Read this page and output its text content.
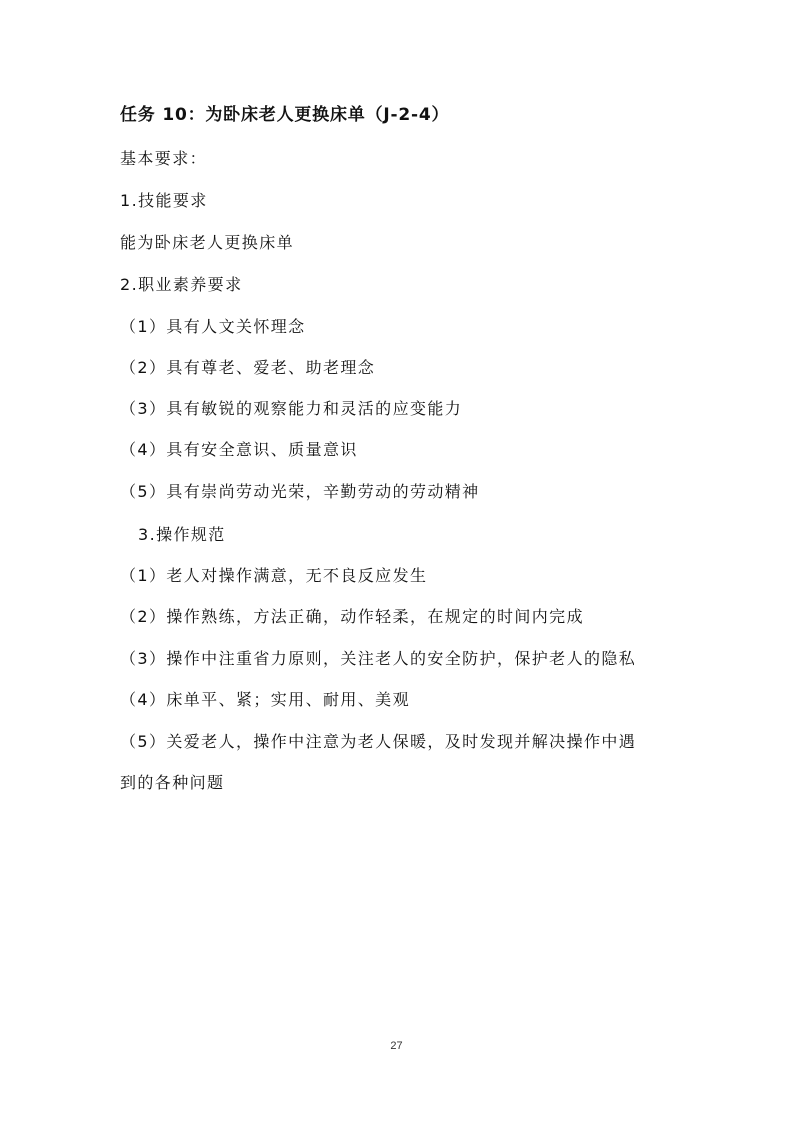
任务 10：为卧床老人更换床单（J-2-4）
基本要求：
1.技能要求
能为卧床老人更换床单
2.职业素养要求
（1）具有人文关怀理念
（2）具有尊老、爱老、助老理念
（3）具有敏锐的观察能力和灵活的应变能力
（4）具有安全意识、质量意识
（5）具有崇尚劳动光荣，辛勤劳动的劳动精神
3.操作规范
（1）老人对操作满意，无不良反应发生
（2）操作熟练，方法正确，动作轻柔，在规定的时间内完成
（3）操作中注重省力原则，关注老人的安全防护，保护老人的隐私
（4）床单平、紧；实用、耐用、美观
（5）关爱老人，操作中注意为老人保暖，及时发现并解决操作中遇
到的各种问题
27
